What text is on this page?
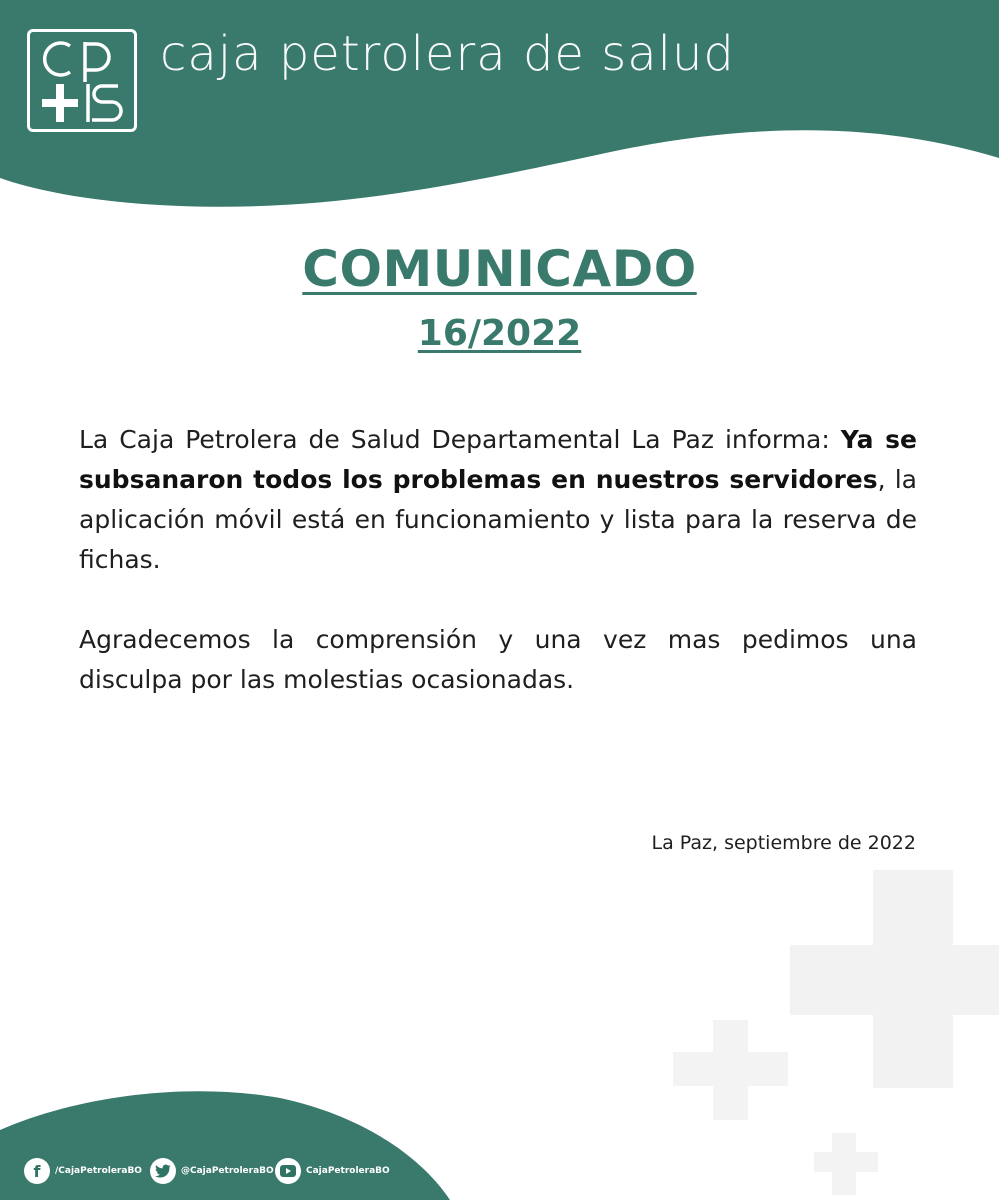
caja petrolera de salud
COMUNICADO
16/2022
La Caja Petrolera de Salud Departamental La Paz informa: Ya se subsanaron todos los problemas en nuestros servidores, la aplicación móvil está en funcionamiento y lista para la reserva de fichas.
Agradecemos la comprensión y una vez mas pedimos una disculpa por las molestias ocasionadas.
La Paz, septiembre de 2022
f	/CajaPetroleraBO	@CajaPetroleraBO	CajaPetroleraBO
